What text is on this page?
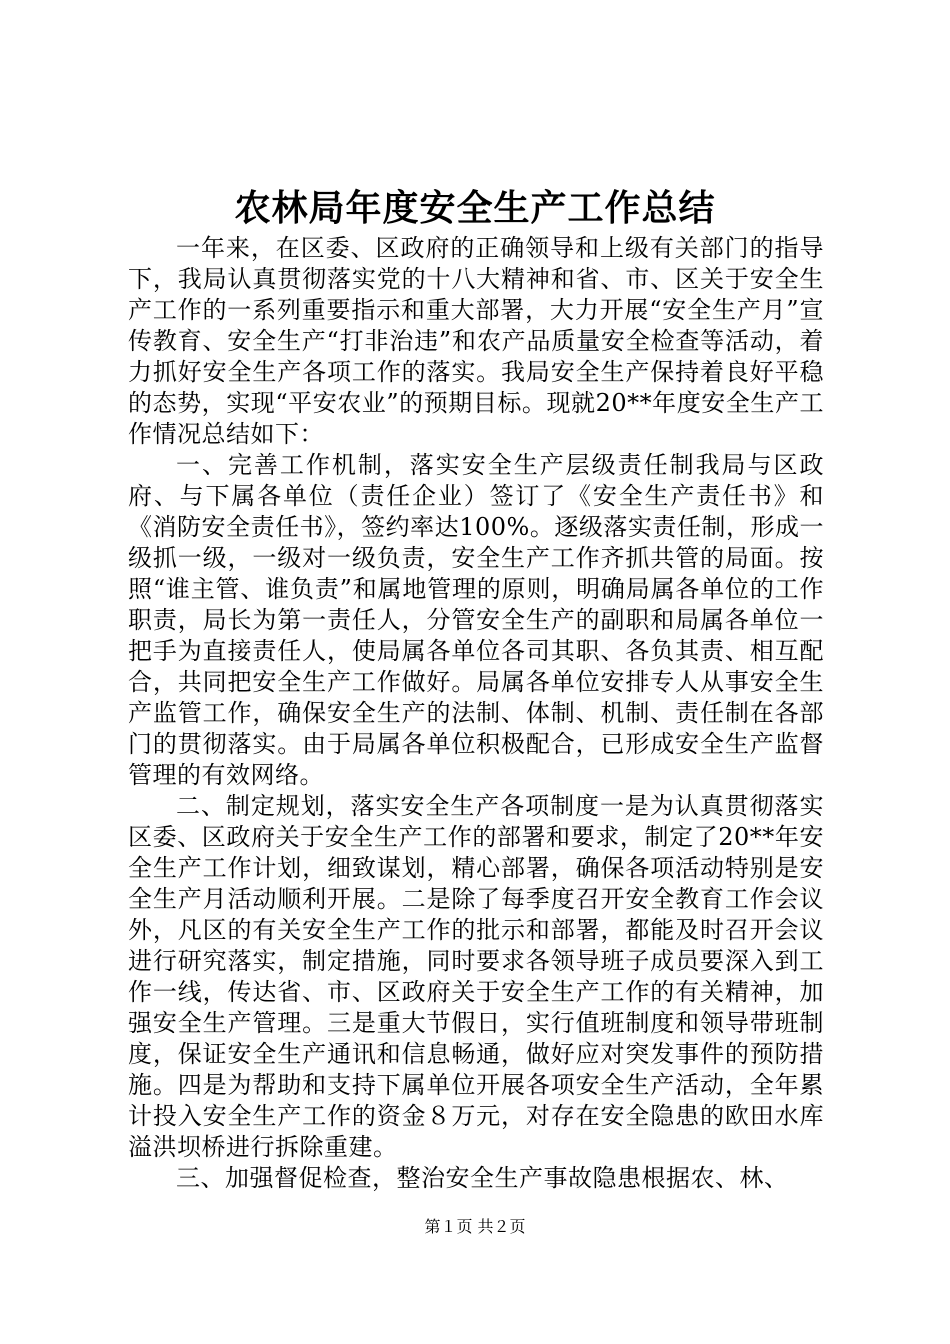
农林局年度安全生产工作总结

一年来，在区委、区政府的正确领导和上级有关部门的指导下，我局认真贯彻落实党的十八大精神和省、市、区关于安全生产工作的一系列重要指示和重大部署，大力开展“安全生产月”宣传教育、安全生产“打非治违”和农产品质量安全检查等活动，着力抓好安全生产各项工作的落实。我局安全生产保持着良好平稳的态势，实现“平安农业”的预期目标。现就20**年度安全生产工作情况总结如下：

一、完善工作机制，落实安全生产层级责任制我局与区政府、与下属各单位（责任企业）签订了《安全生产责任书》和《消防安全责任书》，签约率达100%。逐级落实责任制，形成一级抓一级，一级对一级负责，安全生产工作齐抓共管的局面。按照“谁主管、谁负责”和属地管理的原则，明确局属各单位的工作职责，局长为第一责任人，分管安全生产的副职和局属各单位一把手为直接责任人，使局属各单位各司其职、各负其责、相互配合，共同把安全生产工作做好。局属各单位安排专人从事安全生产监管工作，确保安全生产的法制、体制、机制、责任制在各部门的贯彻落实。由于局属各单位积极配合，已形成安全生产监督管理的有效网络。

二、制定规划，落实安全生产各项制度一是为认真贯彻落实区委、区政府关于安全生产工作的部署和要求，制定了20**年安全生产工作计划，细致谋划，精心部署，确保各项活动特别是安全生产月活动顺利开展。二是除了每季度召开安全教育工作会议外，凡区的有关安全生产工作的批示和部署，都能及时召开会议进行研究落实，制定措施，同时要求各领导班子成员要深入到工作一线，传达省、市、区政府关于安全生产工作的有关精神，加强安全生产管理。三是重大节假日，实行值班制度和领导带班制度，保证安全生产通讯和信息畅通，做好应对突发事件的预防措施。四是为帮助和支持下属单位开展各项安全生产活动，全年累计投入安全生产工作的资金８万元，对存在安全隐患的欧田水库溢洪坝桥进行拆除重建。

三、加强督促检查，整治安全生产事故隐患根据农、林、

第１页 共２页
